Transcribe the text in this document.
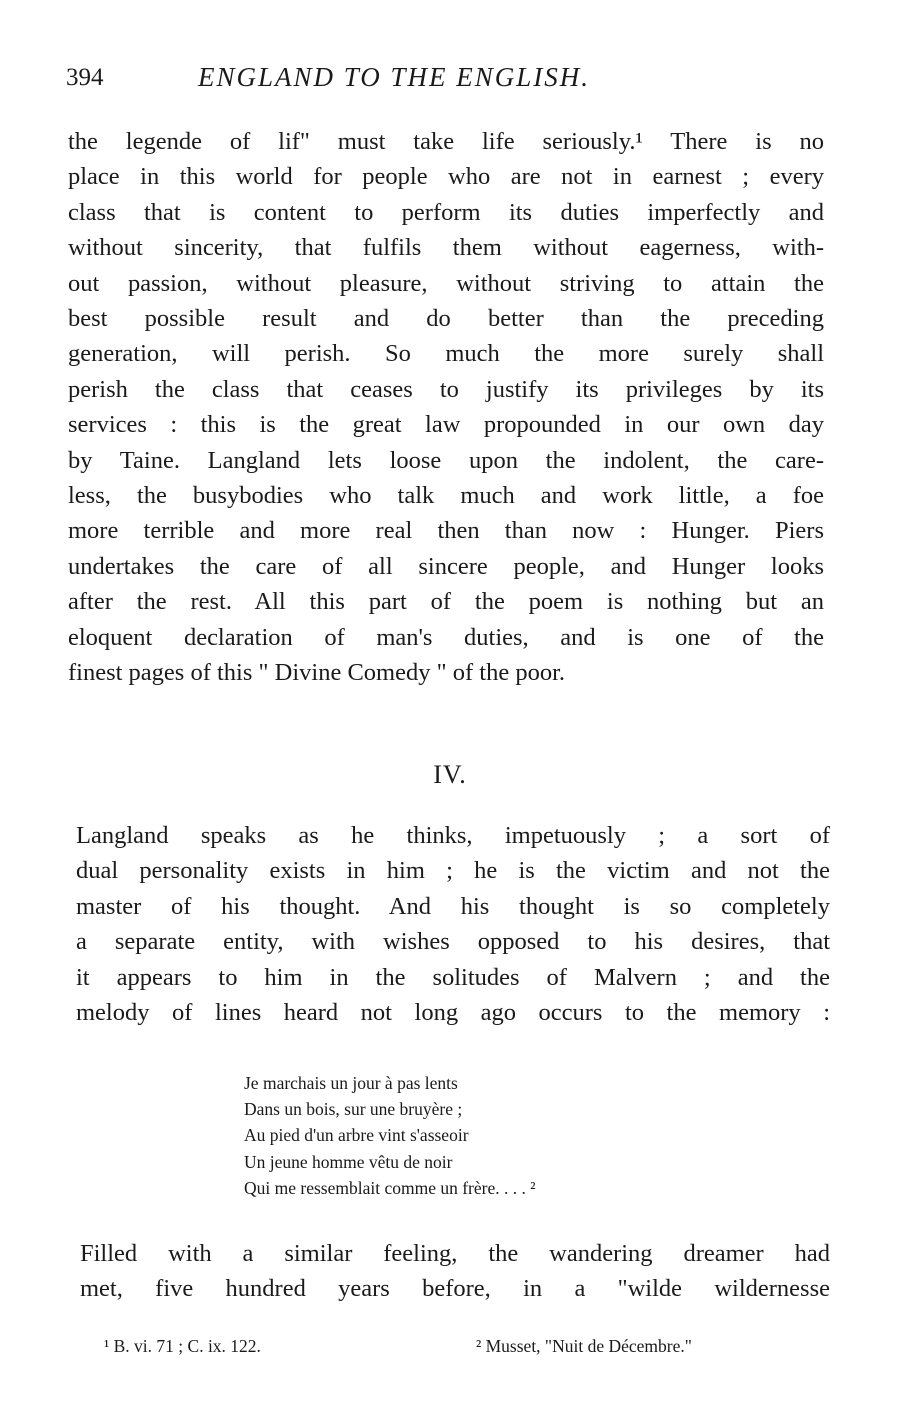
394	ENGLAND TO THE ENGLISH.
the legende of lif" must take life seriously.¹ There is no
place in this world for people who are not in earnest ; every
class that is content to perform its duties imperfectly and
without sincerity, that fulfils them without eagerness, with-
out passion, without pleasure, without striving to attain the
best possible result and do better than the preceding
generation, will perish. So much the more surely shall
perish the class that ceases to justify its privileges by its
services : this is the great law propounded in our own day
by Taine. Langland lets loose upon the indolent, the care-
less, the busybodies who talk much and work little, a foe
more terrible and more real then than now : Hunger. Piers
undertakes the care of all sincere people, and Hunger looks
after the rest. All this part of the poem is nothing but an
eloquent declaration of man's duties, and is one of the
finest pages of this " Divine Comedy " of the poor.
IV.
Langland speaks as he thinks, impetuously ; a sort of
dual personality exists in him ; he is the victim and not the
master of his thought. And his thought is so completely
a separate entity, with wishes opposed to his desires, that
it appears to him in the solitudes of Malvern ; and the
melody of lines heard not long ago occurs to the memory :
Je marchais un jour à pas lents
Dans un bois, sur une bruyère ;
Au pied d'un arbre vint s'asseoir
Un jeune homme vêtu de noir
Qui me ressemblait comme un frère. . . . ²
Filled with a similar feeling, the wandering dreamer had
met, five hundred years before, in a "wilde wildernesse
¹ B. vi. 71 ; C. ix. 122.	² Musset, "Nuit de Décembre."
